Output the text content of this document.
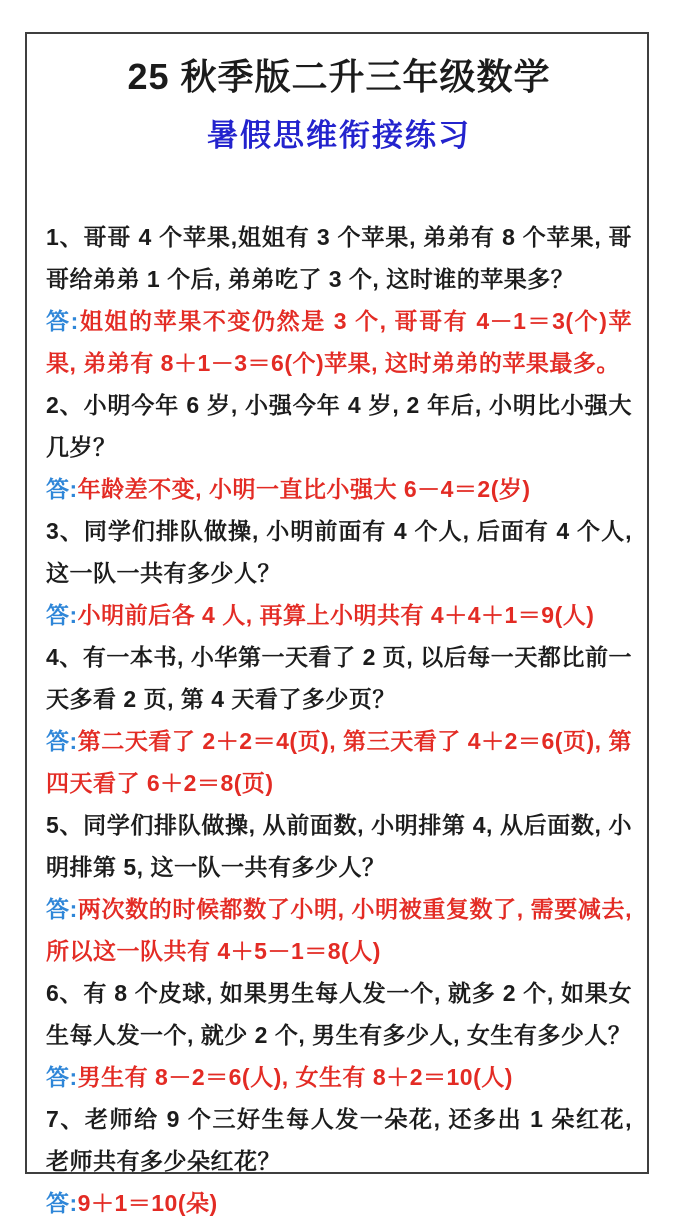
25 秋季版二升三年级数学
暑假思维衔接练习

1、哥哥 4 个苹果,姐姐有 3 个苹果, 弟弟有 8 个苹果, 哥哥给弟弟 1 个后, 弟弟吃了 3 个, 这时谁的苹果多？

答:姐姐的苹果不变仍然是 3 个, 哥哥有 4－1＝3(个)苹果, 弟弟有 8＋1－3＝6(个)苹果, 这时弟弟的苹果最多。

2、小明今年 6 岁, 小强今年 4 岁, 2 年后, 小明比小强大几岁？

答:年龄差不变, 小明一直比小强大 6－4＝2(岁)

3、同学们排队做操, 小明前面有 4 个人, 后面有 4 个人, 这一队一共有多少人？

答:小明前后各 4 人, 再算上小明共有 4＋4＋1＝9(人)

4、有一本书, 小华第一天看了 2 页, 以后每一天都比前一天多看 2 页, 第 4 天看了多少页？

答:第二天看了 2＋2＝4(页), 第三天看了 4＋2＝6(页), 第四天看了 6＋2＝8(页)

5、同学们排队做操, 从前面数, 小明排第 4, 从后面数, 小明排第 5, 这一队一共有多少人？

答:两次数的时候都数了小明, 小明被重复数了, 需要减去, 所以这一队共有 4＋5－1＝8(人)

6、有 8 个皮球, 如果男生每人发一个, 就多 2 个, 如果女生每人发一个, 就少 2 个, 男生有多少人, 女生有多少人？

答:男生有 8－2＝6(人), 女生有 8＋2＝10(人)

7、老师给 9 个三好生每人发一朵花, 还多出 1 朵红花, 老师共有多少朵红花？

答:9＋1＝10(朵)
